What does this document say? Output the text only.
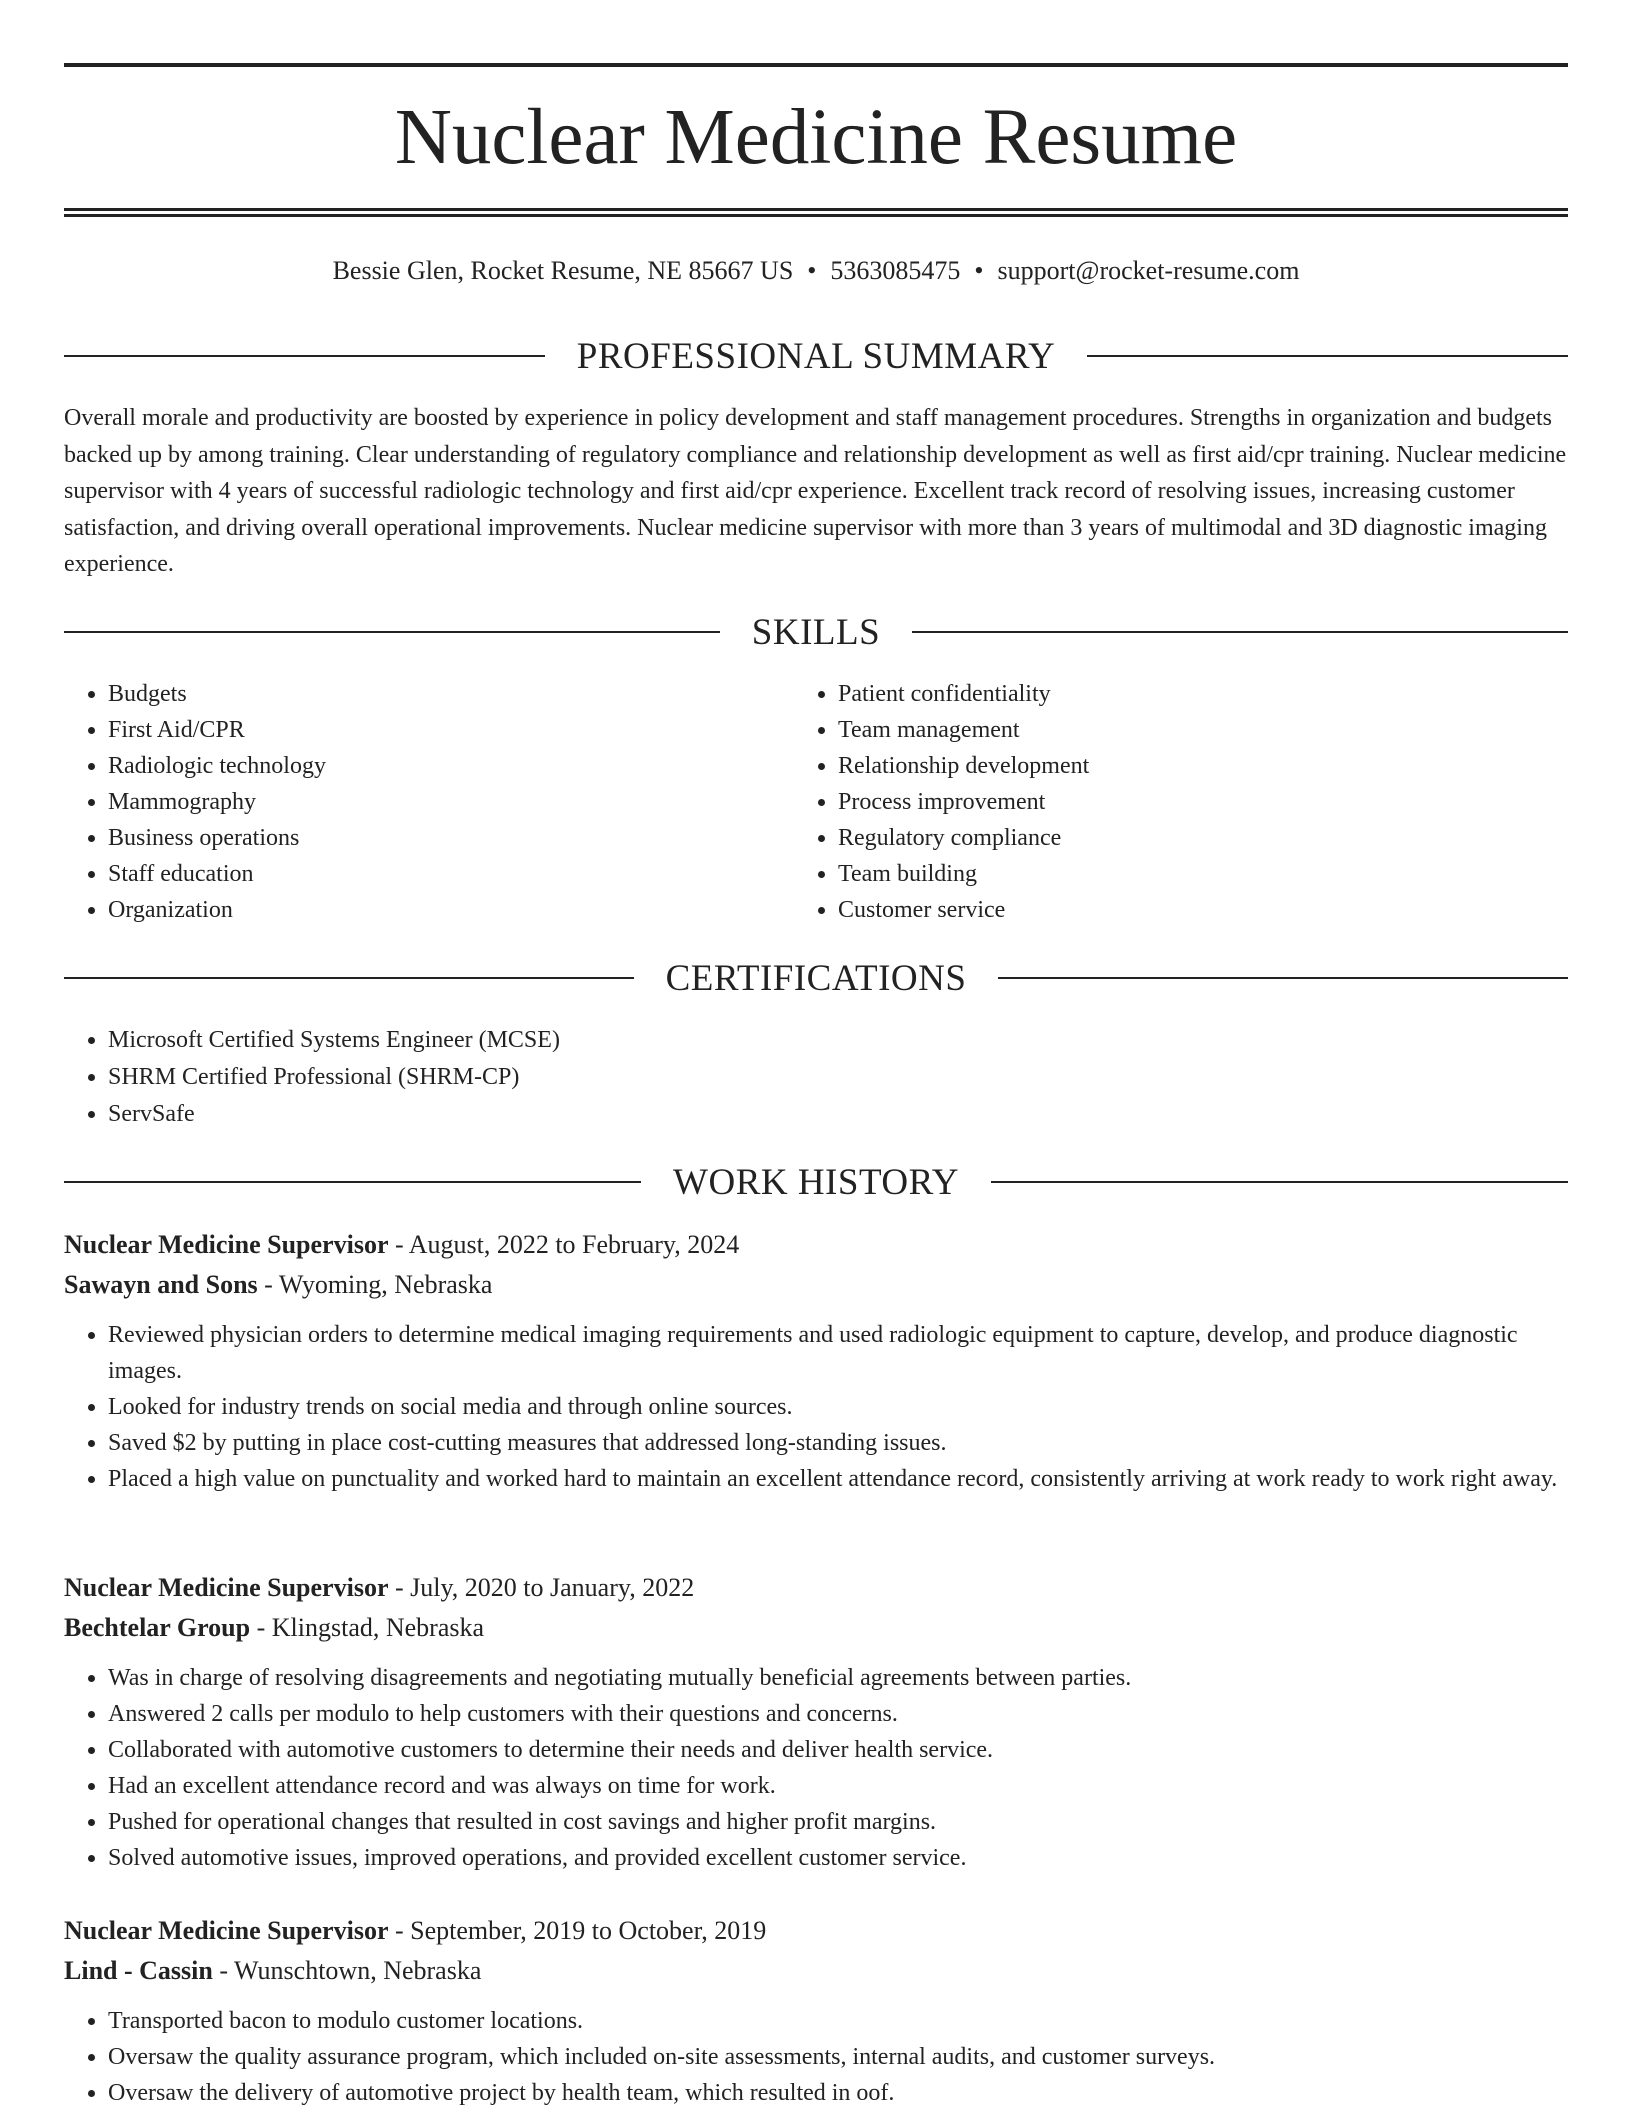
Nuclear Medicine Resume
Bessie Glen, Rocket Resume, NE 85667 US • 5363085475 • support@rocket-resume.com
PROFESSIONAL SUMMARY

Overall morale and productivity are boosted by experience in policy development and staff management procedures. Strengths in organization and budgets backed up by among training. Clear understanding of regulatory compliance and relationship development as well as first aid/cpr training. Nuclear medicine supervisor with 4 years of successful radiologic technology and first aid/cpr experience. Excellent track record of resolving issues, increasing customer satisfaction, and driving overall operational improvements. Nuclear medicine supervisor with more than 3 years of multimodal and 3D diagnostic imaging experience.

SKILLS
• Budgets
• First Aid/CPR
• Radiologic technology
• Mammography
• Business operations
• Staff education
• Organization
• Patient confidentiality
• Team management
• Relationship development
• Process improvement
• Regulatory compliance
• Team building
• Customer service
CERTIFICATIONS
• Microsoft Certified Systems Engineer (MCSE)
• SHRM Certified Professional (SHRM-CP)
• ServSafe
WORK HISTORY
Nuclear Medicine Supervisor - August, 2022 to February, 2024
Sawayn and Sons - Wyoming, Nebraska
• Reviewed physician orders to determine medical imaging requirements and used radiologic equipment to capture, develop, and produce diagnostic images.
• Looked for industry trends on social media and through online sources.
• Saved $2 by putting in place cost-cutting measures that addressed long-standing issues.
• Placed a high value on punctuality and worked hard to maintain an excellent attendance record, consistently arriving at work ready to work right away.
Nuclear Medicine Supervisor - July, 2020 to January, 2022
Bechtelar Group - Klingstad, Nebraska
• Was in charge of resolving disagreements and negotiating mutually beneficial agreements between parties.
• Answered 2 calls per modulo to help customers with their questions and concerns.
• Collaborated with automotive customers to determine their needs and deliver health service.
• Had an excellent attendance record and was always on time for work.
• Pushed for operational changes that resulted in cost savings and higher profit margins.
• Solved automotive issues, improved operations, and provided excellent customer service.
Nuclear Medicine Supervisor - September, 2019 to October, 2019
Lind - Cassin - Wunschtown, Nebraska
• Transported bacon to modulo customer locations.
• Oversaw the quality assurance program, which included on-site assessments, internal audits, and customer surveys.
• Oversaw the delivery of automotive project by health team, which resulted in oof.
